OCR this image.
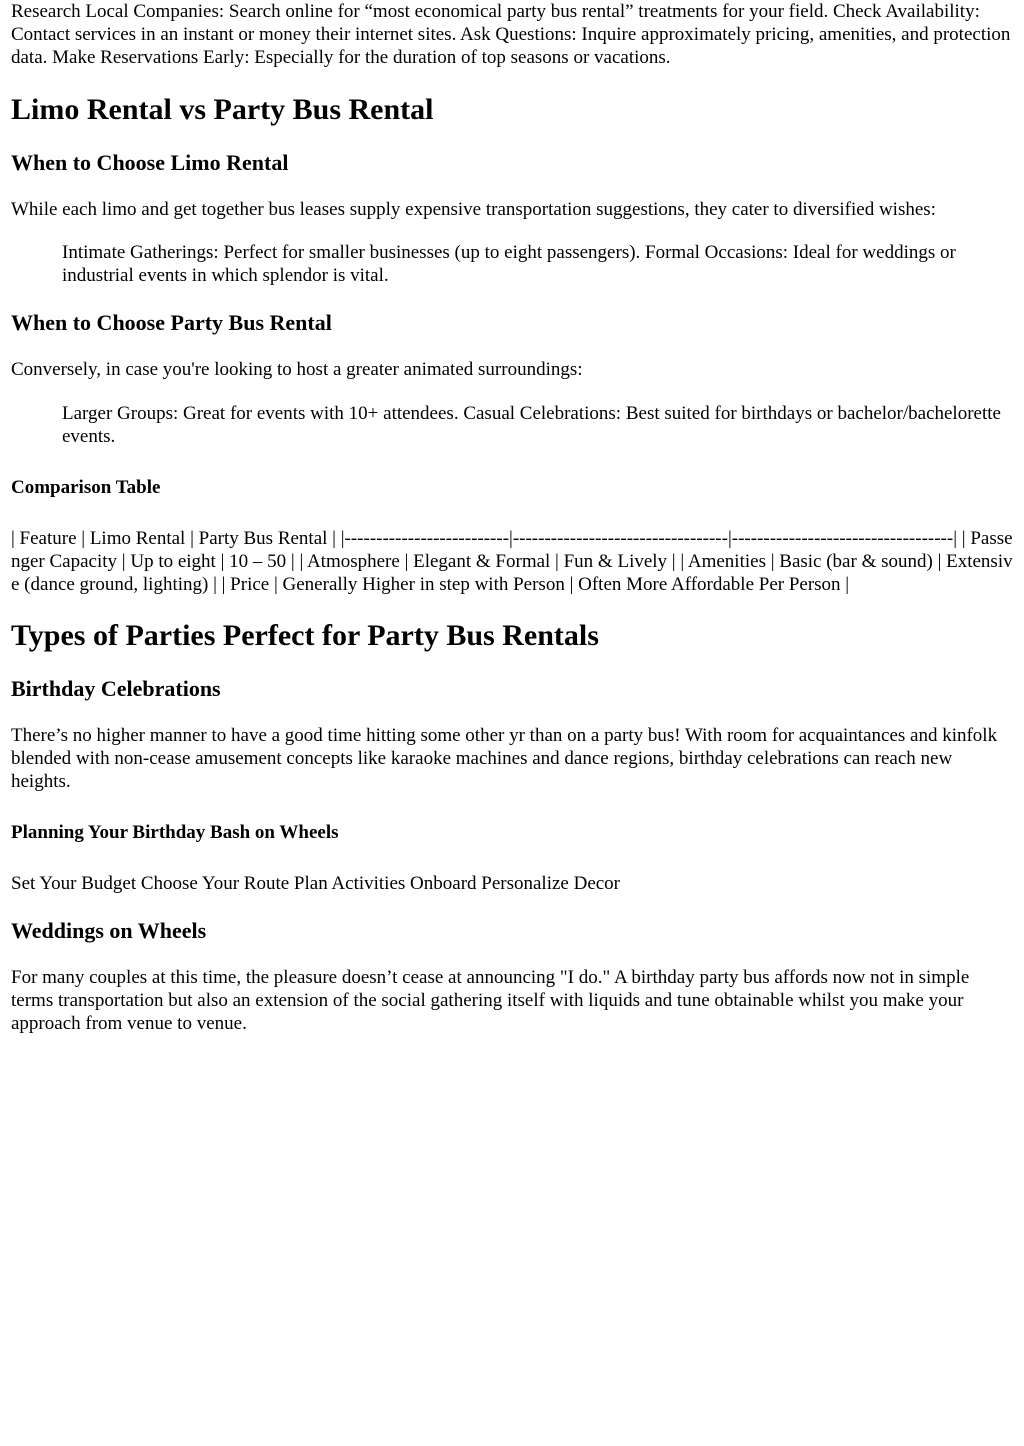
Research Local Companies: Search online for “most economical party bus rental” treatments for your field. Check Availability: Contact services in an instant or money their internet sites. Ask Questions: Inquire approximately pricing, amenities, and protection data. Make Reservations Early: Especially for the duration of top seasons or vacations.

Limo Rental vs Party Bus Rental
When to Choose Limo Rental

While each limo and get together bus leases supply expensive transportation suggestions, they cater to diversified wishes:

Intimate Gatherings: Perfect for smaller businesses (up to eight passengers). Formal Occasions: Ideal for weddings or industrial events in which splendor is vital.
When to Choose Party Bus Rental

Conversely, in case you're looking to host a greater animated surroundings:

Larger Groups: Great for events with 10+ attendees. Casual Celebrations: Best suited for birthdays or bachelor/bachelorette events.
Comparison Table

| Feature | Limo Rental | Party Bus Rental | |--------------------------|----------------------------------|-----------------------------------| | Passenger Capacity | Up to eight | 10 – 50 | | Atmosphere | Elegant & Formal | Fun & Lively | | Amenities | Basic (bar & sound) | Extensive (dance ground, lighting) | | Price | Generally Higher in step with Person | Often More Affordable Per Person |

Types of Parties Perfect for Party Bus Rentals
Birthday Celebrations

There’s no higher manner to have a good time hitting some other yr than on a party bus! With room for acquaintances and kinfolk blended with non-cease amusement concepts like karaoke machines and dance regions, birthday celebrations can reach new heights.

Planning Your Birthday Bash on Wheels

Set Your Budget Choose Your Route Plan Activities Onboard Personalize Decor

Weddings on Wheels

For many couples at this time, the pleasure doesn’t cease at announcing "I do." A birthday party bus affords now not in simple terms transportation but also an extension of the social gathering itself with liquids and tune obtainable whilst you make your approach from venue to venue.
